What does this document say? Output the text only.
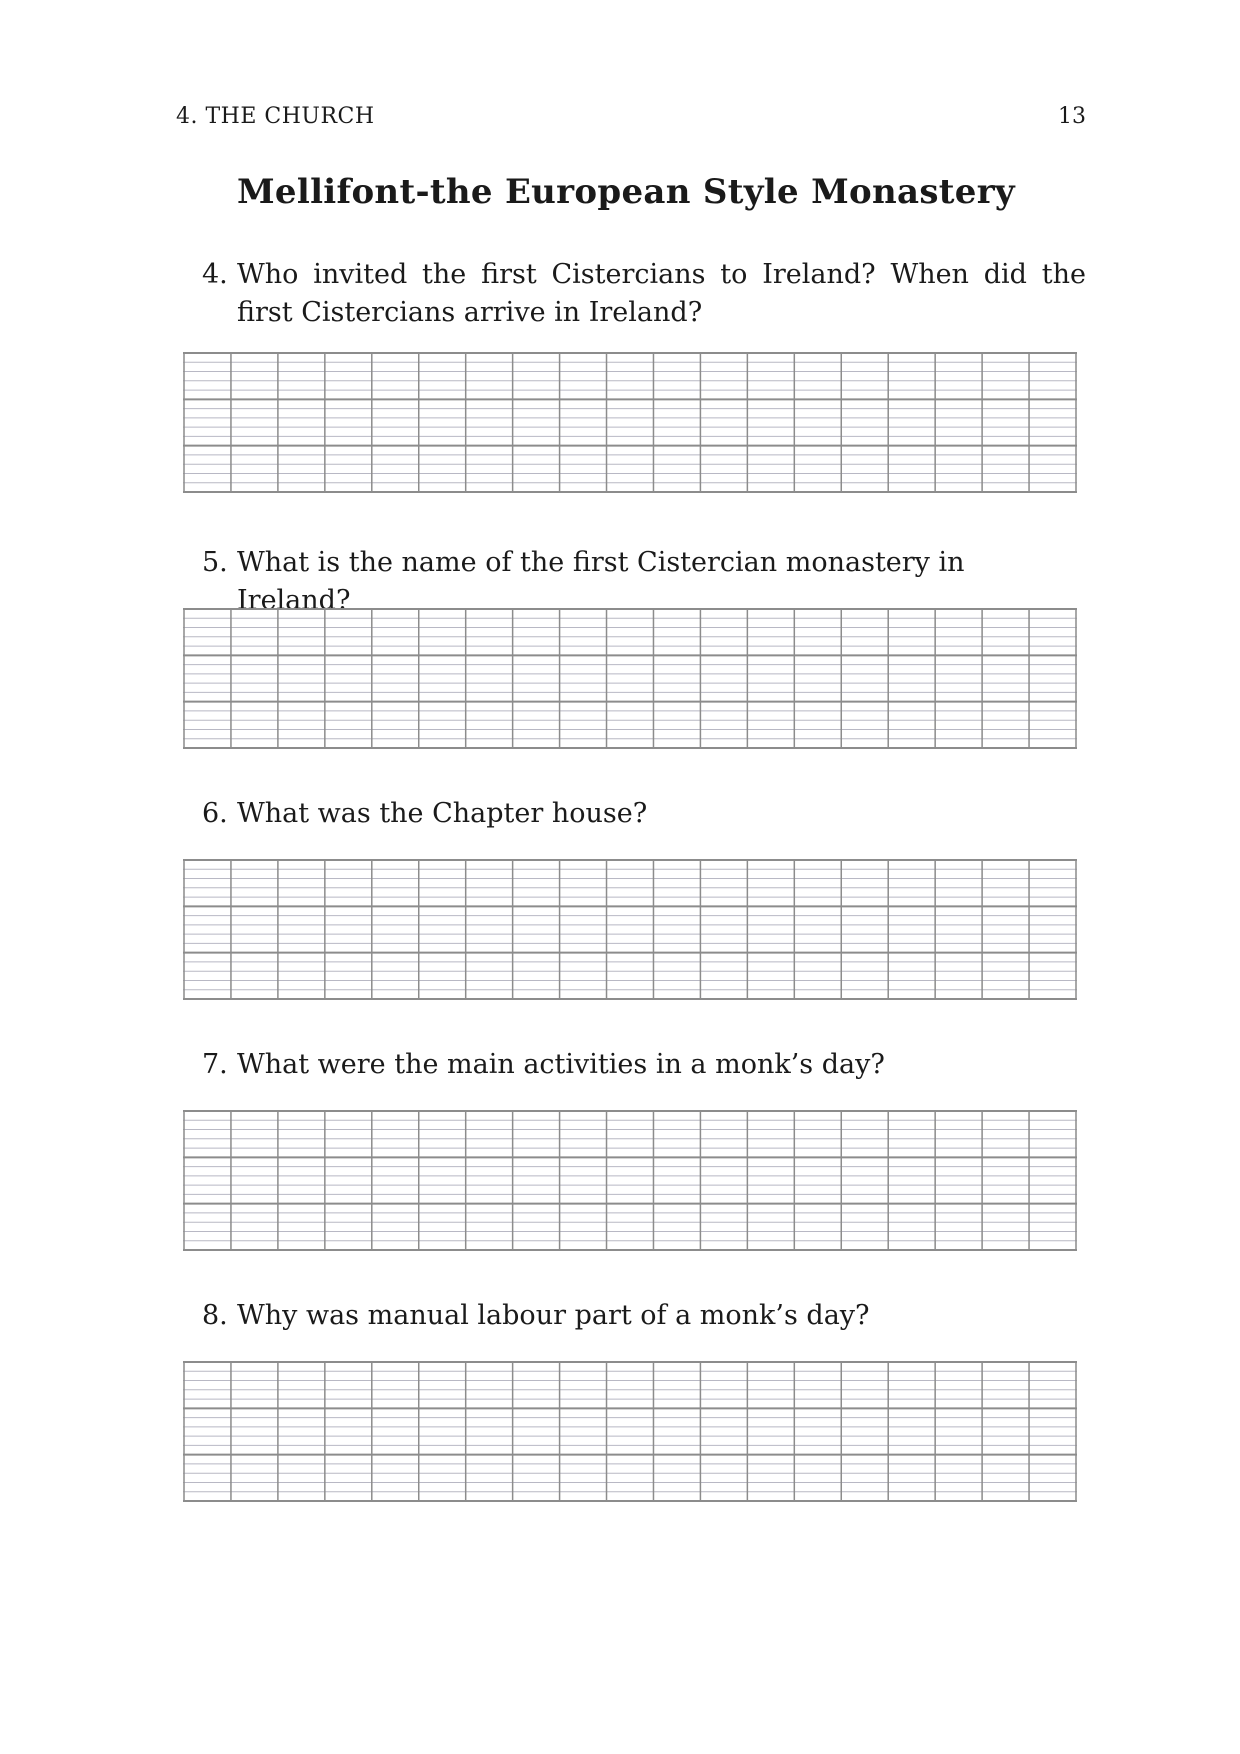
4. THE CHURCH	13
Mellifont-the European Style Monastery
4. Who invited the first Cistercians to Ireland? When did the first Cistercians arrive in Ireland?
5. What is the name of the first Cistercian monastery in Ireland?
6. What was the Chapter house?
7. What were the main activities in a monk’s day?
8. Why was manual labour part of a monk’s day?
